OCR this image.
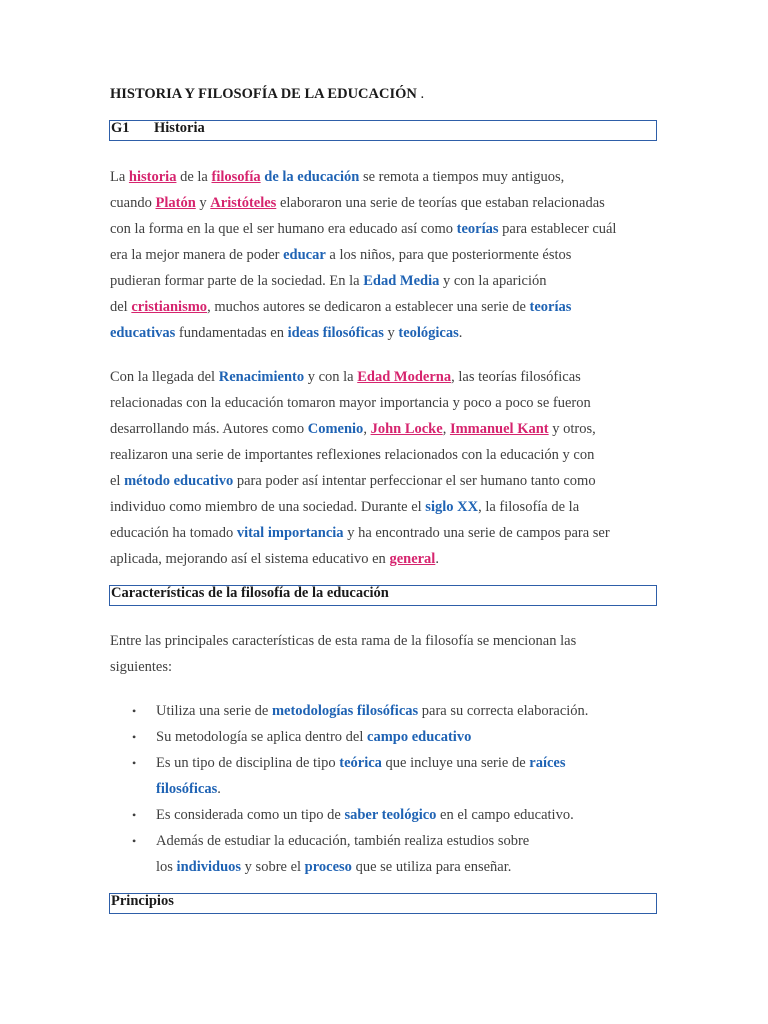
HISTORIA Y FILOSOFÍA DE LA EDUCACIÓN .
G1 Historia
La historia de la filosofía de la educación se remota a tiempos muy antiguos,
cuando Platón y Aristóteles elaboraron una serie de teorías que estaban relacionadas
con la forma en la que el ser humano era educado así como teorías para establecer cuál
era la mejor manera de poder educar a los niños, para que posteriormente éstos
pudieran formar parte de la sociedad. En la Edad Media y con la aparición
del cristianismo, muchos autores se dedicaron a establecer una serie de teorías
educativas fundamentadas en ideas filosóficas y teológicas.
Con la llegada del Renacimiento y con la Edad Moderna, las teorías filosóficas
relacionadas con la educación tomaron mayor importancia y poco a poco se fueron
desarrollando más. Autores como Comenio, John Locke, Immanuel Kant y otros,
realizaron una serie de importantes reflexiones relacionados con la educación y con
el método educativo para poder así intentar perfeccionar el ser humano tanto como
individuo como miembro de una sociedad. Durante el siglo XX, la filosofía de la
educación ha tomado vital importancia y ha encontrado una serie de campos para ser
aplicada, mejorando así el sistema educativo en general.
Características de la filosofía de la educación
Entre las principales características de esta rama de la filosofía se mencionan las
siguientes:
• Utiliza una serie de metodologías filosóficas para su correcta elaboración.
• Su metodología se aplica dentro del campo educativo
• Es un tipo de disciplina de tipo teórica que incluye una serie de raíces
filosóficas.
• Es considerada como un tipo de saber teológico en el campo educativo.
• Además de estudiar la educación, también realiza estudios sobre
los individuos y sobre el proceso que se utiliza para enseñar.
Principios
